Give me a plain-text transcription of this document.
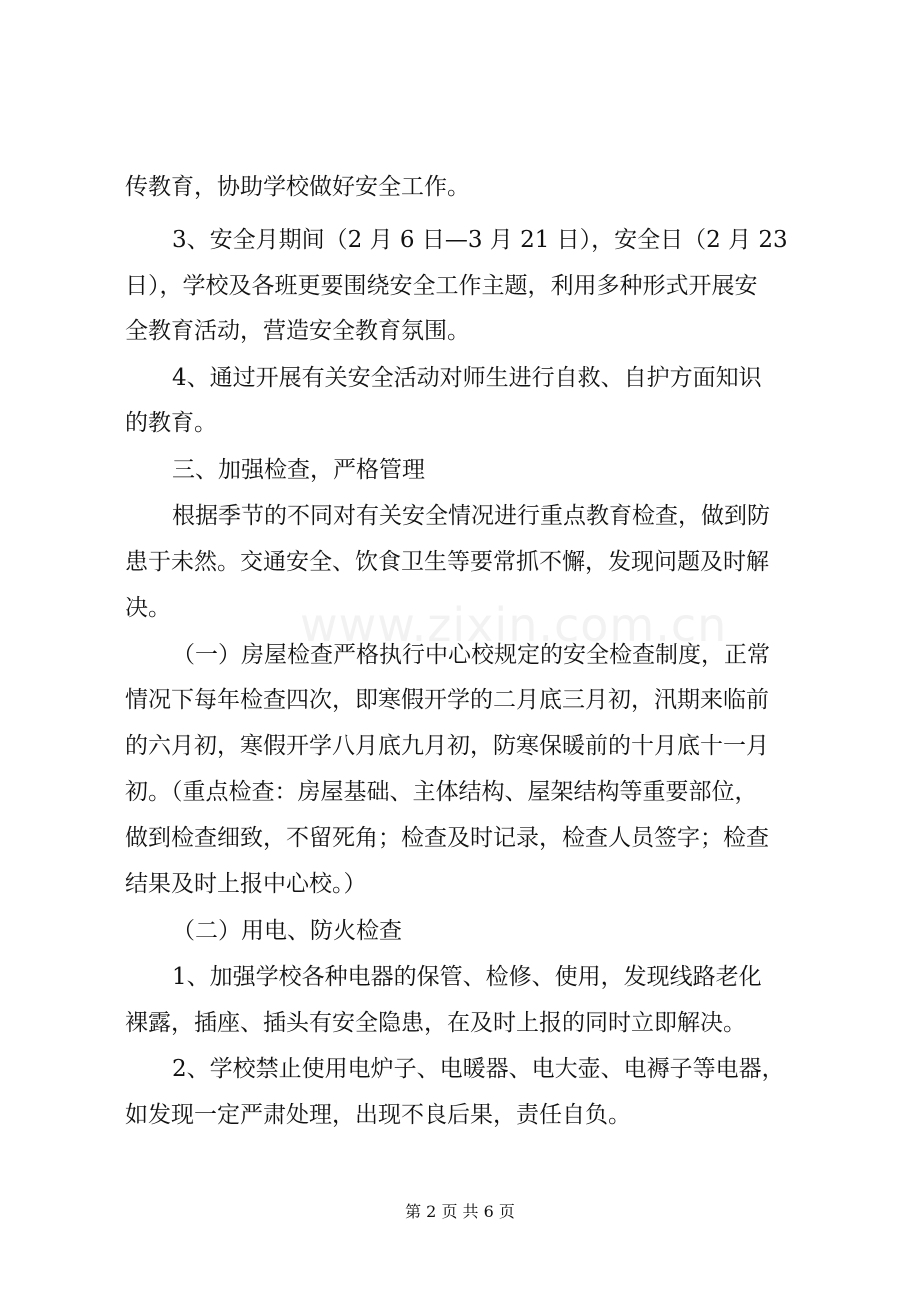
www.zixin.com.cn
传教育，协助学校做好安全工作。
3、安全月期间（2 月 6 日—3 月 21 日），安全日（2 月 23
日），学校及各班更要围绕安全工作主题，利用多种形式开展安
全教育活动，营造安全教育氛围。
4、通过开展有关安全活动对师生进行自救、自护方面知识
的教育。
三、加强检查，严格管理
根据季节的不同对有关安全情况进行重点教育检查，做到防
患于未然。交通安全、饮食卫生等要常抓不懈，发现问题及时解
决。
（一）房屋检查严格执行中心校规定的安全检查制度，正常
情况下每年检查四次，即寒假开学的二月底三月初，汛期来临前
的六月初，寒假开学八月底九月初，防寒保暖前的十月底十一月
初。（重点检查：房屋基础、主体结构、屋架结构等重要部位，
做到检查细致，不留死角；检查及时记录，检查人员签字；检查
结果及时上报中心校。）
（二）用电、防火检查
1、加强学校各种电器的保管、检修、使用，发现线路老化
裸露，插座、插头有安全隐患，在及时上报的同时立即解决。
2、学校禁止使用电炉子、电暖器、电大壶、电褥子等电器，
如发现一定严肃处理，出现不良后果，责任自负。
第 2 页 共 6 页
